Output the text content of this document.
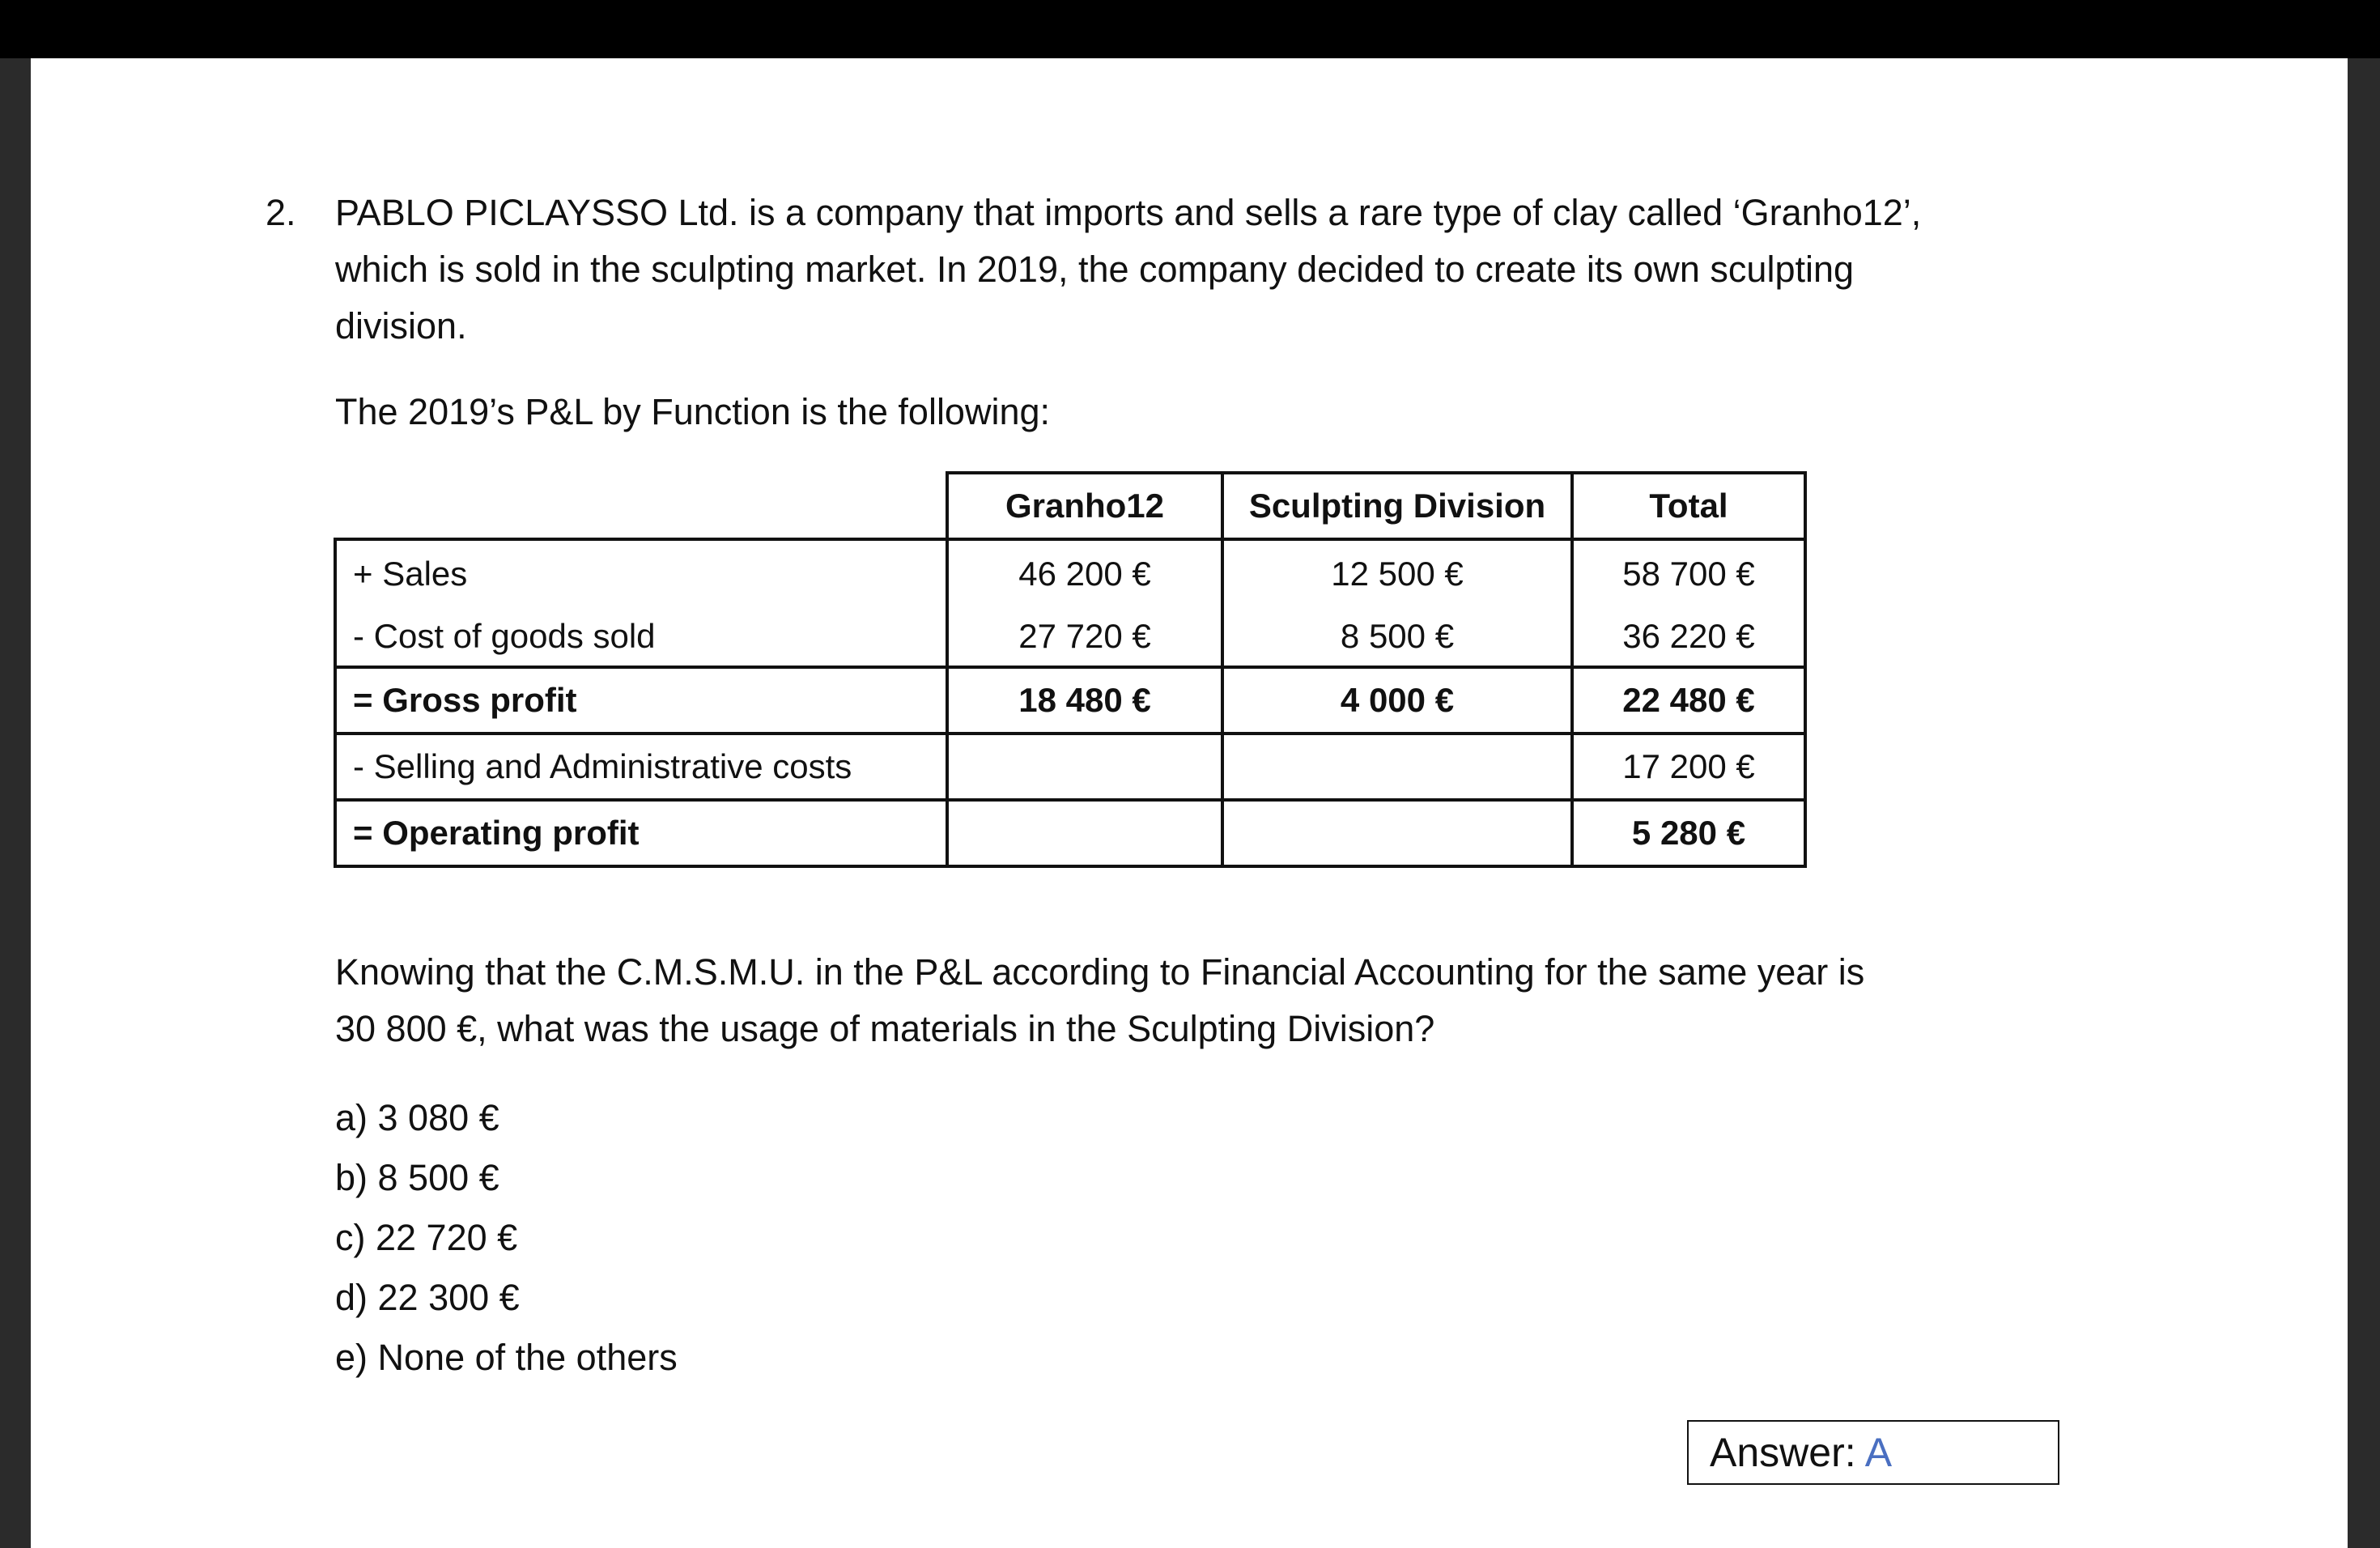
2. PABLO PICLAYSSO Ltd. is a company that imports and sells a rare type of clay called ‘Granho12’,
which is sold in the sculpting market. In 2019, the company decided to create its own sculpting
division.

The 2019’s P&L by Function is the following:
	Granho12	Sculpting Division	Total
+ Sales	46 200 €	12 500 €	58 700 €
- Cost of goods sold	27 720 €	8 500 €	36 220 €
= Gross profit	18 480 €	4 000 €	22 480 €
- Selling and Administrative costs			17 200 €
= Operating profit			5 280 €
Knowing that the C.M.S.M.U. in the P&L according to Financial Accounting for the same year is
30 800 €, what was the usage of materials in the Sculpting Division?
a) 3 080 €
b) 8 500 €
c) 22 720 €
d) 22 300 €
e) None of the others
Answer: A
